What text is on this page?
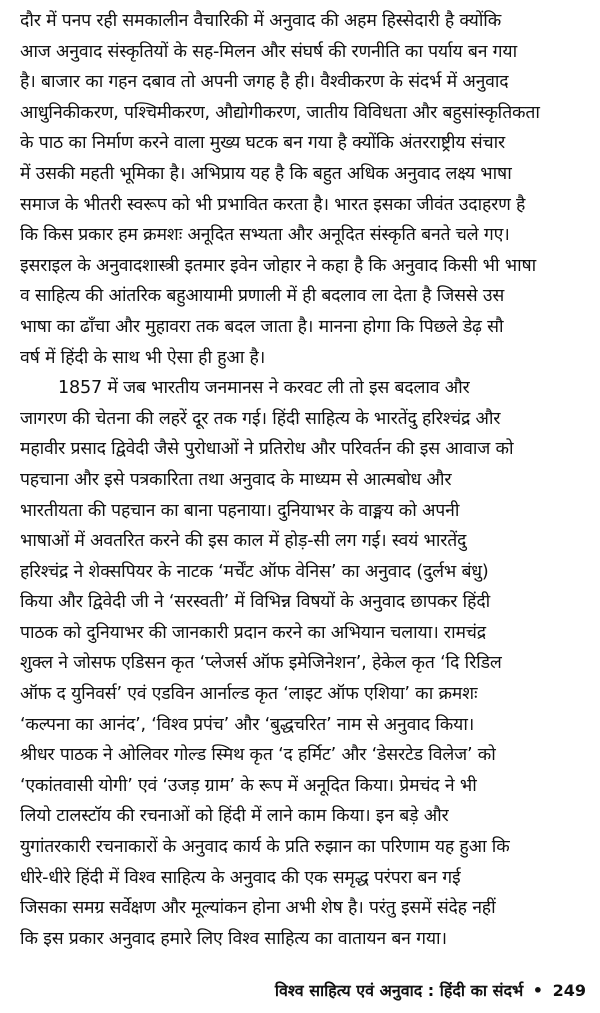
दौर में पनप रही समकालीन वैचारिकी में अनुवाद की अहम हिस्सेदारी है क्योंकि
आज अनुवाद संस्कृतियों के सह-मिलन और संघर्ष की रणनीति का पर्याय बन गया
है। बाजार का गहन दबाव तो अपनी जगह है ही। वैश्वीकरण के संदर्भ में अनुवाद
आधुनिकीकरण, पश्चिमीकरण, औद्योगीकरण, जातीय विविधता और बहुसांस्कृतिकता
के पाठ का निर्माण करने वाला मुख्य घटक बन गया है क्योंकि अंतरराष्ट्रीय संचार
में उसकी महती भूमिका है। अभिप्राय यह है कि बहुत अधिक अनुवाद लक्ष्य भाषा
समाज के भीतरी स्वरूप को भी प्रभावित करता है। भारत इसका जीवंत उदाहरण है
कि किस प्रकार हम क्रमशः अनूदित सभ्यता और अनूदित संस्कृति बनते चले गए।
इसराइल के अनुवादशास्त्री इतमार इवेन जोहार ने कहा है कि अनुवाद किसी भी भाषा
व साहित्य की आंतरिक बहुआयामी प्रणाली में ही बदलाव ला देता है जिससे उस
भाषा का ढाँचा और मुहावरा तक बदल जाता है। मानना होगा कि पिछले डेढ़ सौ
वर्ष में हिंदी के साथ भी ऐसा ही हुआ है।
1857 में जब भारतीय जनमानस ने करवट ली तो इस बदलाव और
जागरण की चेतना की लहरें दूर तक गई। हिंदी साहित्य के भारतेंदु हरिश्चंद्र और
महावीर प्रसाद द्विवेदी जैसे पुरोधाओं ने प्रतिरोध और परिवर्तन की इस आवाज को
पहचाना और इसे पत्रकारिता तथा अनुवाद के माध्यम से आत्मबोध और
भारतीयता की पहचान का बाना पहनाया। दुनियाभर के वाङ्मय को अपनी
भाषाओं में अवतरित करने की इस काल में होड़-सी लग गई। स्वयं भारतेंदु
हरिश्चंद्र ने शेक्सपियर के नाटक ‘मर्चेंट ऑफ वेनिस’ का अनुवाद (दुर्लभ बंधु)
किया और द्विवेदी जी ने ‘सरस्वती’ में विभिन्न विषयों के अनुवाद छापकर हिंदी
पाठक को दुनियाभर की जानकारी प्रदान करने का अभियान चलाया। रामचंद्र
शुक्ल ने जोसफ एडिसन कृत ‘प्लेजर्स ऑफ इमेजिनेशन’, हेकेल कृत ‘दि रिडिल
ऑफ द युनिवर्स’ एवं एडविन आर्नाल्ड कृत ‘लाइट ऑफ एशिया’ का क्रमशः
‘कल्पना का आनंद’, ‘विश्व प्रपंच’ और ‘बुद्धचरित’ नाम से अनुवाद किया।
श्रीधर पाठक ने ओलिवर गोल्ड स्मिथ कृत ‘द हर्मिट’ और ‘डेसरटेड विलेज’ को
‘एकांतवासी योगी’ एवं ‘उजड़ ग्राम’ के रूप में अनूदित किया। प्रेमचंद ने भी
लियो टालस्टॉय की रचनाओं को हिंदी में लाने काम किया। इन बड़े और
युगांतरकारी रचनाकारों के अनुवाद कार्य के प्रति रुझान का परिणाम यह हुआ कि
धीरे-धीरे हिंदी में विश्व साहित्य के अनुवाद की एक समृद्ध परंपरा बन गई
जिसका समग्र सर्वेक्षण और मूल्यांकन होना अभी शेष है। परंतु इसमें संदेह नहीं
कि इस प्रकार अनुवाद हमारे लिए विश्व साहित्य का वातायन बन गया।
विश्व साहित्य एवं अनुवाद : हिंदी का संदर्भ • 249
